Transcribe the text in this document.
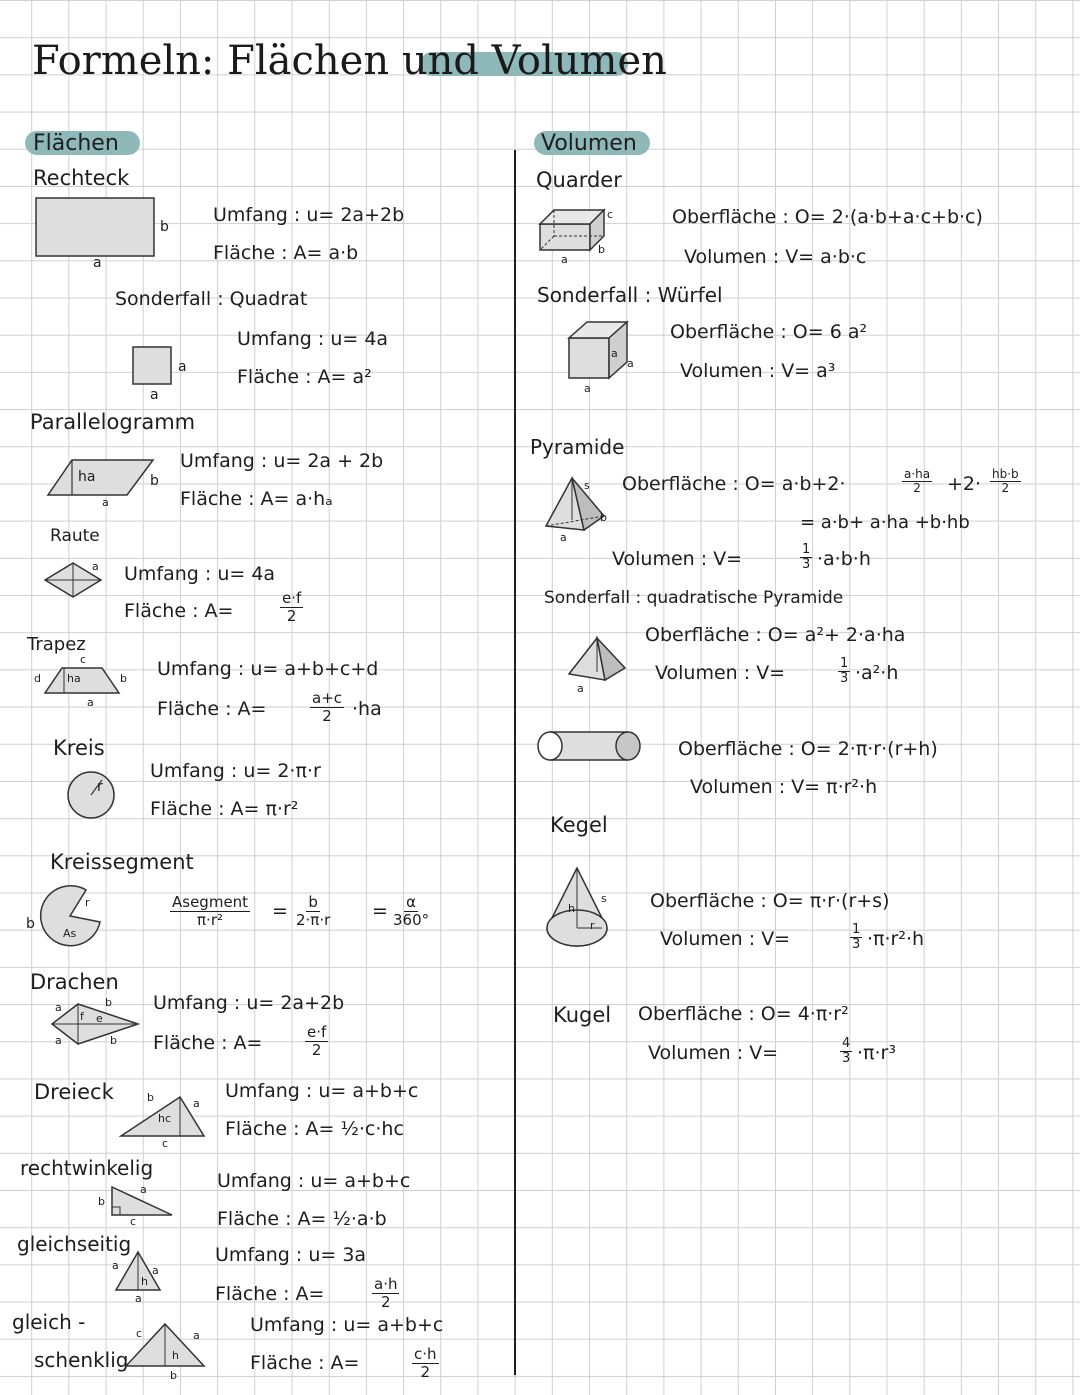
Formeln: Flächen und Volumen
Flächen	Volumen
Rechteck
b
a
Umfang : u= 2a+2b
Fläche : A= a·b
Sonderfall : Quadrat
a
a
Umfang : u= 4a
Fläche : A= a²
Parallelogramm
ha	b
a
Umfang : u= 2a + 2b
Fläche : A= a·hₐ
Raute
a Umfang : u= 4a
Fläche : A=	$\frac{e\cdot f}{2}$
Trapez
c
d	b
ha
a
Umfang : u= a+b+c+d
Fläche : A=	$\frac{a+c}{2} \cdot ha$
Kreis
r
Umfang : u= 2·π·r
Fläche : A= π·r²
Kreissegment
b
r
As
Asegment
π·r²	= $\frac{b}{2\cdot\pi\cdot r} = \frac{\alpha}{360^\circ}$
Drachen
a	b
a	b
f e
Umfang : u= 2a+2b
Fläche : A=	$\frac{e\cdot f}{2}$
Dreieck	b	a
hc
c
Umfang : u= a+b+c
Fläche : A= ½·c·hc
rechtwinkelig
b
a
c
Umfang : u= a+b+c
Fläche : A= ½·a·b
gleichseitig
a	a
h
a
Umfang : u= 3a
Fläche : A=	$\frac{a\cdot h}{2}$
gleich -
schenklig
c	a
h
b
Umfang : u= a+b+c
Fläche : A=	$\frac{c\cdot h}{2}$
Quarder
c
b
a
Oberfläche : O= 2·(a·b+a·c+b·c)
Volumen : V= a·b·c
Sonderfall : Würfel
a
a
a
Oberfläche : O= 6 a²
Volumen : V= a³
Pyramide
s
b
a
Oberfläche : O= a·b+2·	$\frac{a\cdot ha}{2} +2\cdot \frac{hb\cdot b}{2}$
= a·b+ a·ha +b·hb
Volumen : V=	$\frac{1}{3} \cdot a\cdot b\cdot h$
Sonderfall : quadratische Pyramide
a
Oberfläche : O= a²+ 2·a·ha
Volumen : V=	$\frac{1}{3} \cdot a^2\cdot h$
Oberfläche : O= 2·π·r·(r+h)
Volumen : V= π·r²·h
Kegel
s
h
r
Oberfläche : O= π·r·(r+s)
Volumen : V=	$\frac{1}{3} \cdot\pi\cdot r^2\cdot h$
Kugel Oberfläche : O= 4·π·r²
Volumen : V=	$\frac{4}{3} \cdot\pi\cdot r^3$
